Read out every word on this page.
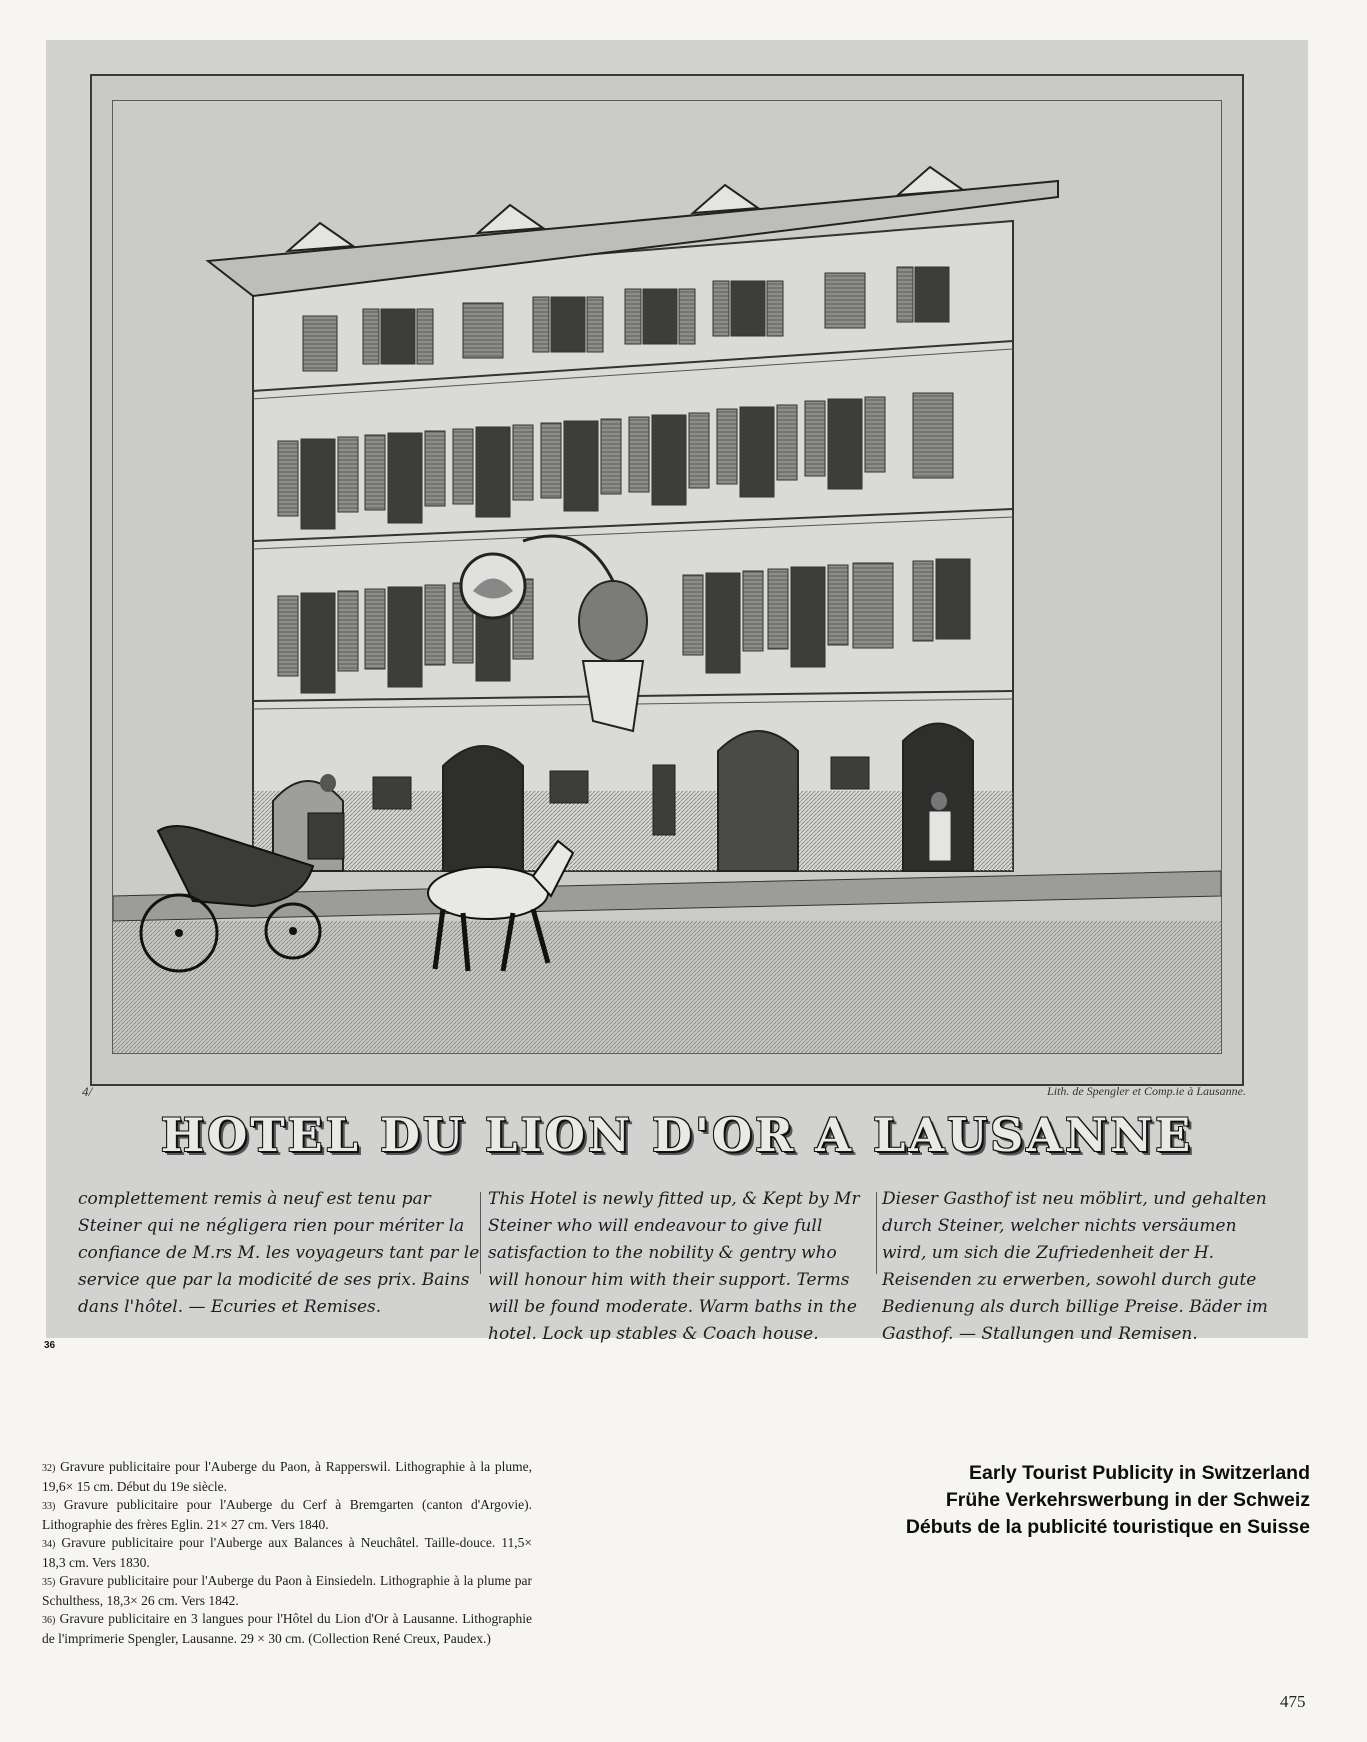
4/	Lith. de Spengler et Comp.ie à Lausanne.
HOTEL DU LION D'OR A LAUSANNE
complettement remis à neuf est tenu par Steiner qui ne négligera rien pour mériter la confiance de M.rs M. les voyageurs tant par le service que par la modicité de ses prix. Bains dans l'hôtel. — Ecuries et Remises.
This Hotel is newly fitted up, & Kept by Mr Steiner who will endeavour to give full satisfaction to the nobility & gentry who will honour him with their support. Terms will be found moderate. Warm baths in the hotel. Lock up stables & Coach house.
Dieser Gasthof ist neu möblirt, und gehalten durch Steiner, welcher nichts versäumen wird, um sich die Zufriedenheit der H. Reisenden zu erwerben, sowohl durch gute Bedienung als durch billige Preise. Bäder im Gasthof. — Stallungen und Remisen.
36

32) Gravure publicitaire pour l'Auberge du Paon, à Rapperswil. Lithographie à la plume, 19,6× 15 cm. Début du 19e siècle.

33) Gravure publicitaire pour l'Auberge du Cerf à Bremgarten (canton d'Argovie). Lithographie des frères Eglin. 21× 27 cm. Vers 1840.

34) Gravure publicitaire pour l'Auberge aux Balances à Neuchâtel. Taille-douce. 11,5× 18,3 cm. Vers 1830.

35) Gravure publicitaire pour l'Auberge du Paon à Einsiedeln. Lithographie à la plume par Schulthess, 18,3× 26 cm. Vers 1842.

36) Gravure publicitaire en 3 langues pour l'Hôtel du Lion d'Or à Lausanne. Lithographie de l'imprimerie Spengler, Lausanne. 29 × 30 cm. (Collection René Creux, Paudex.)

Early Tourist Publicity in Switzerland
Frühe Verkehrswerbung in der Schweiz
Débuts de la publicité touristique en Suisse
475
